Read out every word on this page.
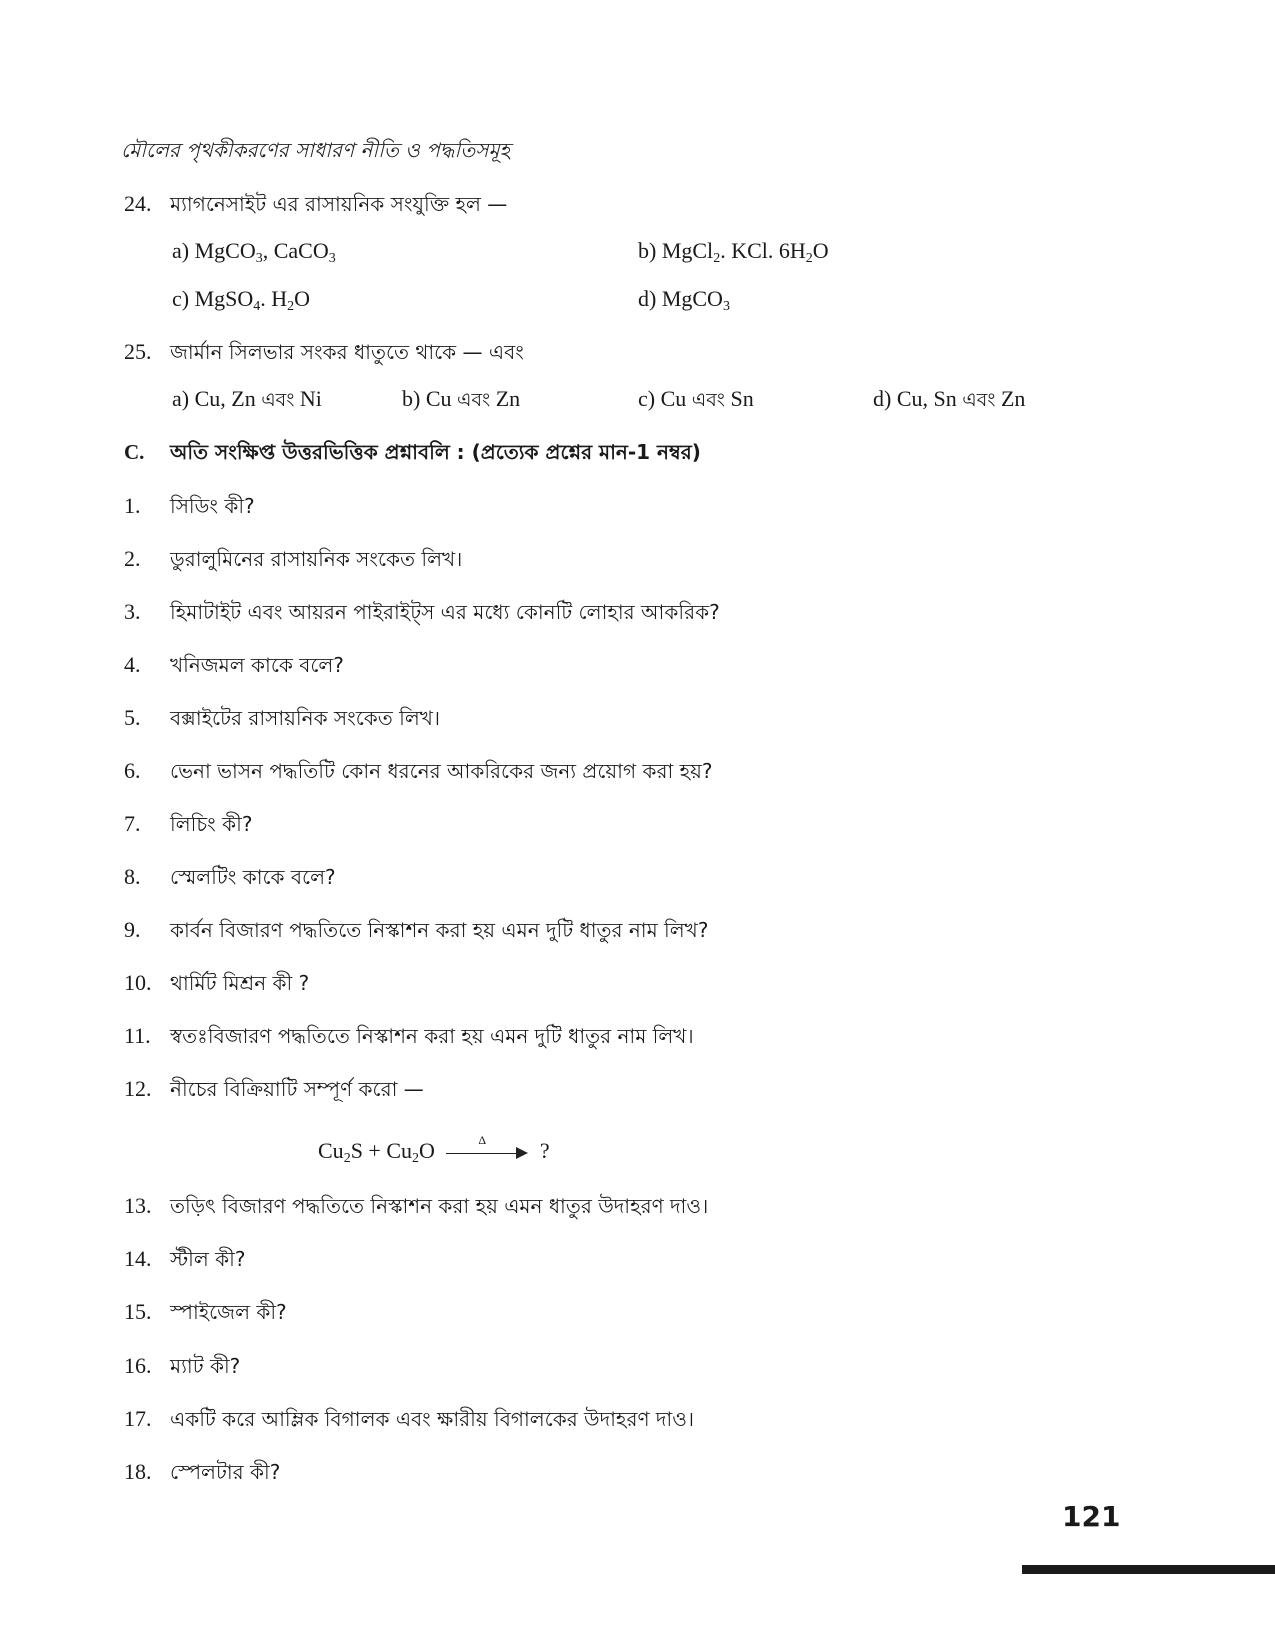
মৌলের পৃথকীকরণের সাধারণ নীতি ও পদ্ধতিসমূহ
24. ম্যাগনেসাইট এর রাসায়নিক সংযুক্তি হল —
a) MgCO$_3$, CaCO$_3$	b) MgCl$_2$. KCl. $6H_2O$
c) MgSO$_4$. $H_2O$	d) MgCO$_3$
25. জার্মান সিলভার সংকর ধাতুতে থাকে — এবং
a) Cu, Zn এবং Ni	b) Cu এবং Zn	c) Cu এবং Sn	d) Cu, Sn এবং Zn
C. অতি সংক্ষিপ্ত উত্তরভিত্তিক প্রশ্নাবলি : (প্রত্যেক প্রশ্নের মান-1 নম্বর)
1. সিডিং কী?
2. ডুরালুমিনের রাসায়নিক সংকেত লিখ।
3. হিমাটাইট এবং আয়রন পাইরাইট্স এর মধ্যে কোনটি লোহার আকরিক?
4. খনিজমল কাকে বলে?
5. বক্সাইটের রাসায়নিক সংকেত লিখ।
6. ভেনা ভাসন পদ্ধতিটি কোন ধরনের আকরিকের জন্য প্রয়োগ করা হয়?
7. লিচিং কী?
8. স্মেলটিং কাকে বলে?
9. কার্বন বিজারণ পদ্ধতিতে নিস্কাশন করা হয় এমন দুটি ধাতুর নাম লিখ?
10. থার্মিট মিশ্রন কী ?
11. স্বতঃবিজারণ পদ্ধতিতে নিস্কাশন করা হয় এমন দুটি ধাতুর নাম লিখ।
12. নীচের বিক্রিয়াটি সম্পূর্ণ করো —
$Cu_2S + Cu_2O$	Δ ?
13. তড়িৎ বিজারণ পদ্ধতিতে নিস্কাশন করা হয় এমন ধাতুর উদাহরণ দাও।
14. স্টীল কী?
15. স্পাইজেল কী?
16. ম্যাট কী?
17. একটি করে আম্লিক বিগালক এবং ক্ষারীয় বিগালকের উদাহরণ দাও।
18. স্পেলটার কী?
121
